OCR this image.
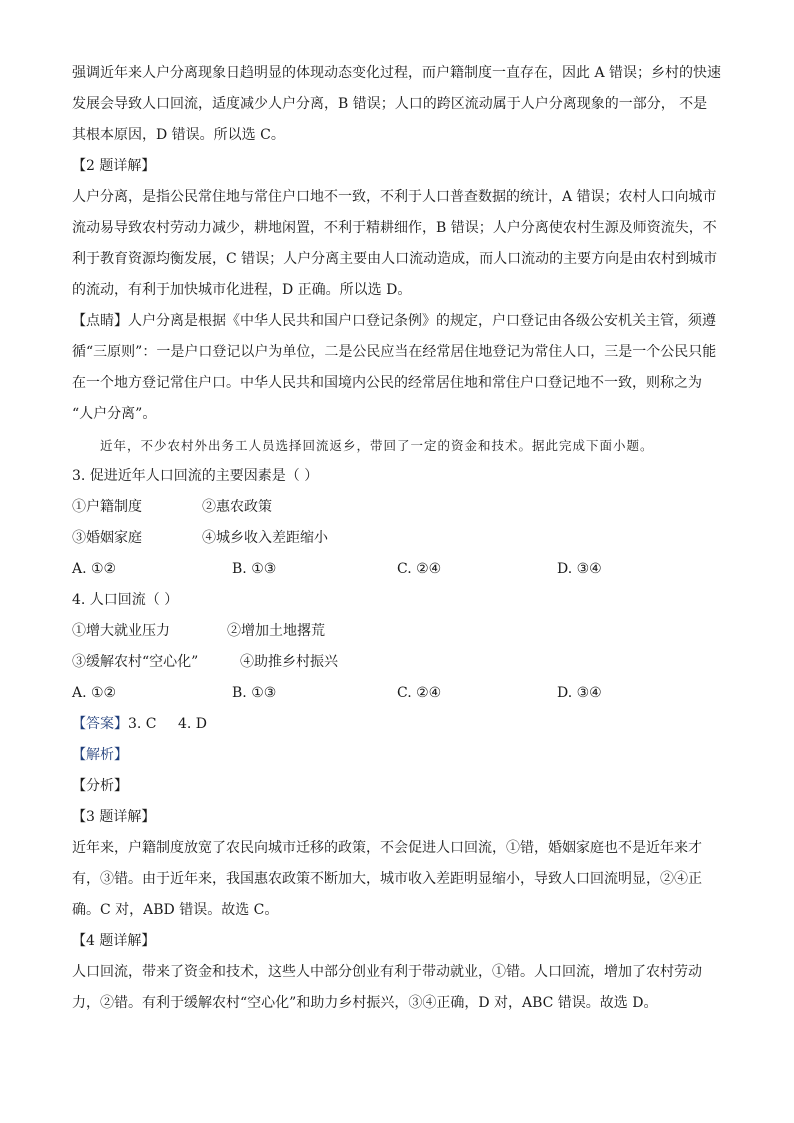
强调近年来人户分离现象日趋明显的体现动态变化过程，而户籍制度一直存在，因此 A 错误；乡村的快速
发展会导致人口回流，适度减少人户分离，B 错误；人口的跨区流动属于人户分离现象的一部分， 不是
其根本原因，D 错误。所以选 C。
【2 题详解】
人户分离，是指公民常住地与常住户口地不一致，不利于人口普查数据的统计，A 错误；农村人口向城市
流动易导致农村劳动力减少，耕地闲置，不利于精耕细作，B 错误；人户分离使农村生源及师资流失，不
利于教育资源均衡发展，C 错误；人户分离主要由人口流动造成，而人口流动的主要方向是由农村到城市
的流动，有利于加快城市化进程，D 正确。所以选 D。
【点睛】人户分离是根据《中华人民共和国户口登记条例》的规定，户口登记由各级公安机关主管，须遵
循“三原则”：一是户口登记以户为单位，二是公民应当在经常居住地登记为常住人口，三是一个公民只能
在一个地方登记常住户口。中华人民共和国境内公民的经常居住地和常住户口登记地不一致，则称之为
“人户分离”。
近年，不少农村外出务工人员选择回流返乡，带回了一定的资金和技术。据此完成下面小题。
3. 促进近年人口回流的主要因素是（ ）
①户籍制度	②惠农政策
③婚姻家庭	④城乡收入差距缩小
A. ①②	B. ①③	C. ②④	D. ③④
4. 人口回流（ ）
①增大就业压力	②增加土地撂荒
③缓解农村“空心化”	④助推乡村振兴
A. ①②	B. ①③	C. ②④	D. ③④
【答案】3. C 4. D
【解析】
【分析】
【3 题详解】
近年来，户籍制度放宽了农民向城市迁移的政策，不会促进人口回流，①错，婚姻家庭也不是近年来才
有，③错。由于近年来，我国惠农政策不断加大，城市收入差距明显缩小，导致人口回流明显，②④正
确。C 对，ABD 错误。故选 C。
【4 题详解】
人口回流，带来了资金和技术，这些人中部分创业有利于带动就业，①错。人口回流，增加了农村劳动
力，②错。有利于缓解农村“空心化”和助力乡村振兴，③④正确，D 对，ABC 错误。故选 D。
